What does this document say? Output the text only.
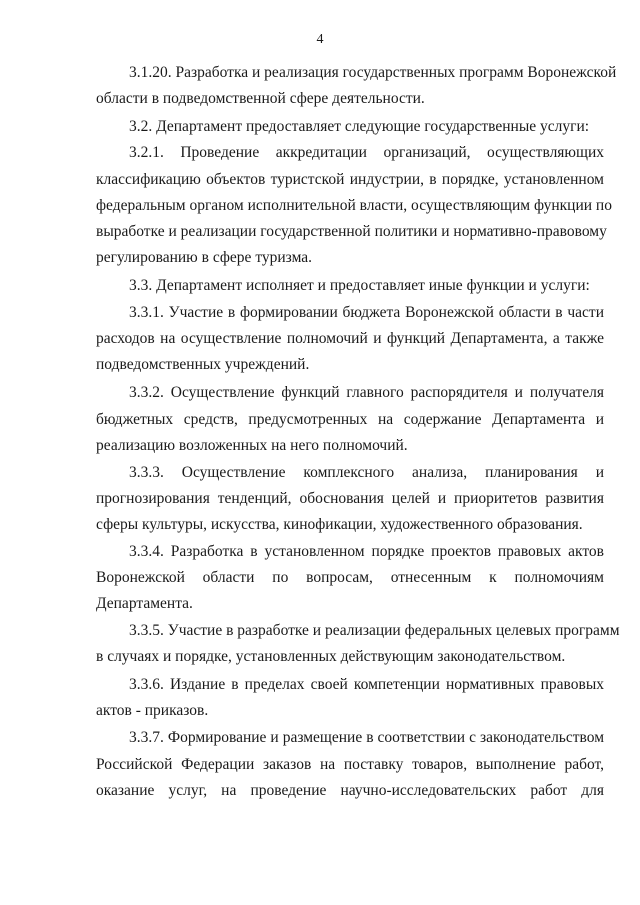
4
3.1.20. Разработка и реализация государственных программ Воронежской
области в подведомственной сфере деятельности.
3.2. Департамент предоставляет следующие государственные услуги:
3.2.1. Проведение аккредитации организаций, осуществляющих
классификацию объектов туристской индустрии, в порядке, установленном
федеральным органом исполнительной власти, осуществляющим функции по
выработке и реализации государственной политики и нормативно-правовому
регулированию в сфере туризма.
3.3. Департамент исполняет и предоставляет иные функции и услуги:
3.3.1. Участие в формировании бюджета Воронежской области в части
расходов на осуществление полномочий и функций Департамента, а также
подведомственных учреждений.
3.3.2. Осуществление функций главного распорядителя и получателя
бюджетных средств, предусмотренных на содержание Департамента и
реализацию возложенных на него полномочий.
3.3.3. Осуществление комплексного анализа, планирования и
прогнозирования тенденций, обоснования целей и приоритетов развития
сферы культуры, искусства, кинофикации, художественного образования.
3.3.4. Разработка в установленном порядке проектов правовых актов
Воронежской области по вопросам, отнесенным к полномочиям
Департамента.
3.3.5. Участие в разработке и реализации федеральных целевых программ
в случаях и порядке, установленных действующим законодательством.
3.3.6. Издание в пределах своей компетенции нормативных правовых
актов - приказов.
3.3.7. Формирование и размещение в соответствии с законодательством
Российской Федерации заказов на поставку товаров, выполнение работ,
оказание услуг, на проведение научно-исследовательских работ для
